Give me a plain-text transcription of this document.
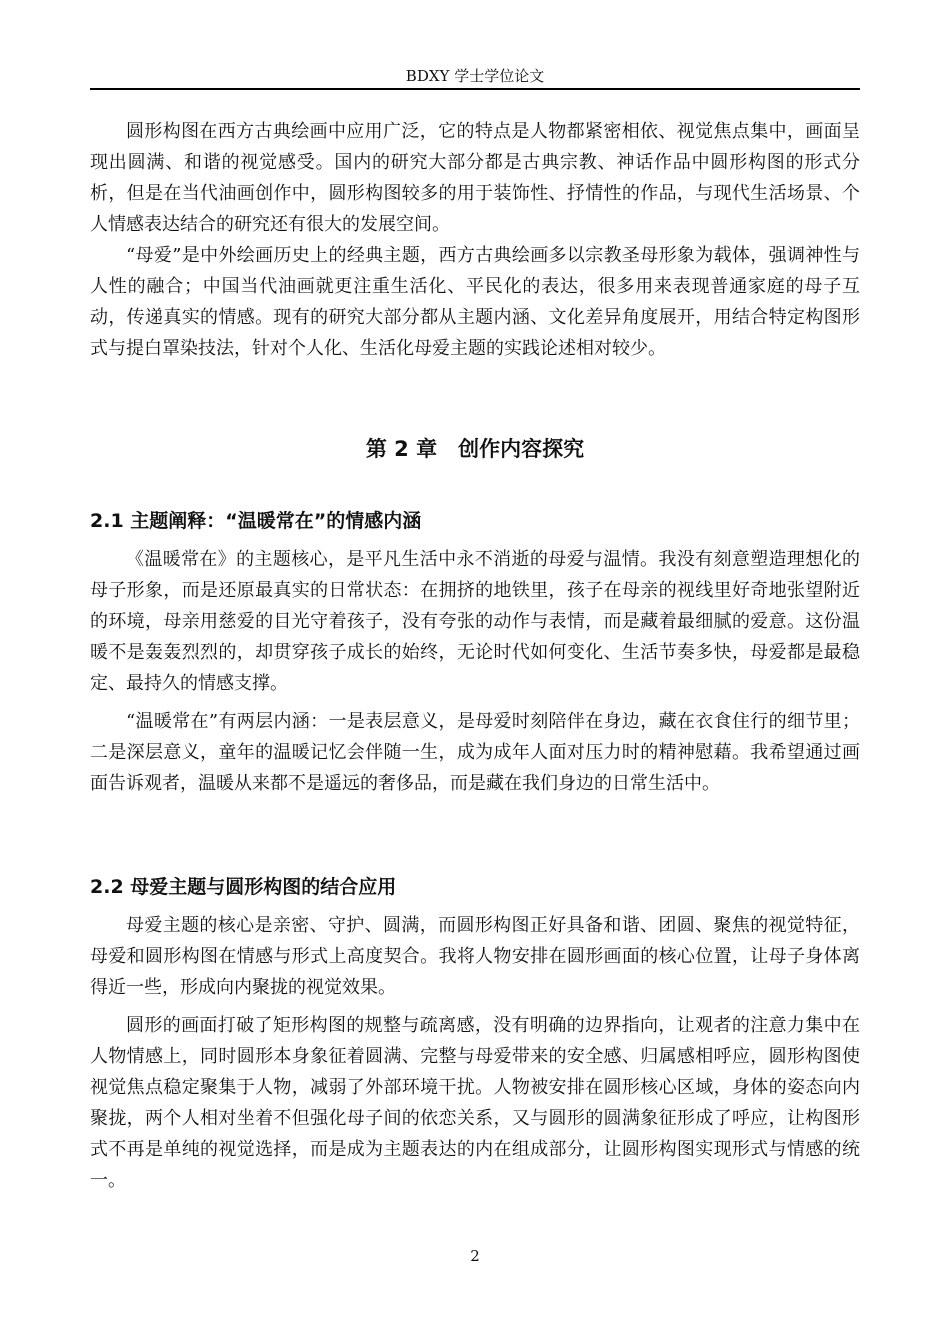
BDXY 学士学位论文

圆形构图在西方古典绘画中应用广泛，它的特点是人物都紧密相依、视觉焦点集中，画面呈现出圆满、和谐的视觉感受。国内的研究大部分都是古典宗教、神话作品中圆形构图的形式分析，但是在当代油画创作中，圆形构图较多的用于装饰性、抒情性的作品，与现代生活场景、个人情感表达结合的研究还有很大的发展空间。

“母爱”是中外绘画历史上的经典主题，西方古典绘画多以宗教圣母形象为载体，强调神性与人性的融合；中国当代油画就更注重生活化、平民化的表达，很多用来表现普通家庭的母子互动，传递真实的情感。现有的研究大部分都从主题内涵、文化差异角度展开，用结合特定构图形式与提白罩染技法，针对个人化、生活化母爱主题的实践论述相对较少。

第 2 章　创作内容探究
2.1 主题阐释：“温暖常在”的情感内涵

《温暖常在》的主题核心，是平凡生活中永不消逝的母爱与温情。我没有刻意塑造理想化的母子形象，而是还原最真实的日常状态：在拥挤的地铁里，孩子在母亲的视线里好奇地张望附近的环境，母亲用慈爱的目光守着孩子，没有夸张的动作与表情，而是藏着最细腻的爱意。这份温暖不是轰轰烈烈的，却贯穿孩子成长的始终，无论时代如何变化、生活节奏多快，母爱都是最稳定、最持久的情感支撑。

“温暖常在”有两层内涵：一是表层意义，是母爱时刻陪伴在身边，藏在衣食住行的细节里；二是深层意义，童年的温暖记忆会伴随一生，成为成年人面对压力时的精神慰藉。我希望通过画面告诉观者，温暖从来都不是遥远的奢侈品，而是藏在我们身边的日常生活中。

2.2 母爱主题与圆形构图的结合应用

母爱主题的核心是亲密、守护、圆满，而圆形构图正好具备和谐、团圆、聚焦的视觉特征，母爱和圆形构图在情感与形式上高度契合。我将人物安排在圆形画面的核心位置，让母子身体离得近一些，形成向内聚拢的视觉效果。

圆形的画面打破了矩形构图的规整与疏离感，没有明确的边界指向，让观者的注意力集中在人物情感上，同时圆形本身象征着圆满、完整与母爱带来的安全感、归属感相呼应，圆形构图使视觉焦点稳定聚集于人物，减弱了外部环境干扰。人物被安排在圆形核心区域，身体的姿态向内聚拢，两个人相对坐着不但强化母子间的依恋关系，又与圆形的圆满象征形成了呼应，让构图形式不再是单纯的视觉选择，而是成为主题表达的内在组成部分，让圆形构图实现形式与情感的统一。

2
